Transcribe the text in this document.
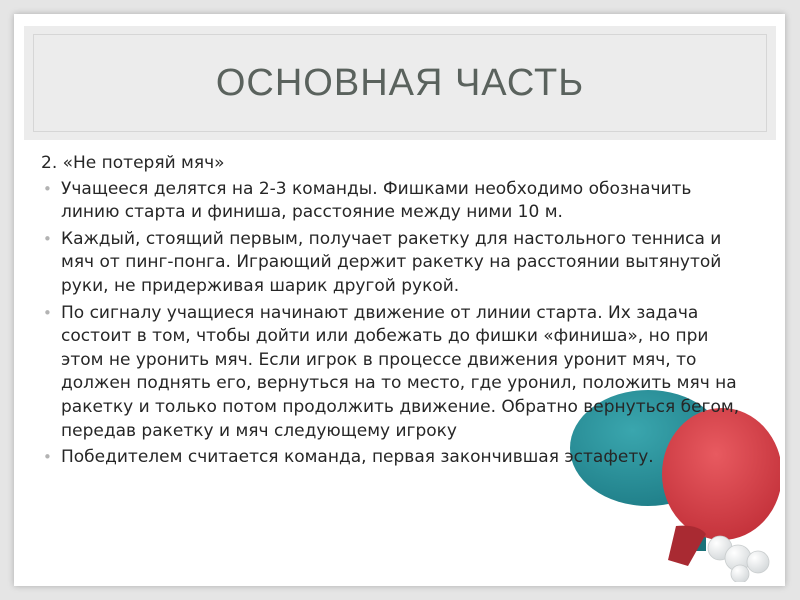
ОСНОВНАЯ ЧАСТЬ

2. «Не потеряй мяч»

• Учащееся делятся на 2-3 команды. Фишками необходимо обозначить линию старта и финиша, расстояние между ними 10 м.
• Каждый, стоящий первым, получает ракетку для настольного тенниса и мяч от пинг-понга. Играющий держит ракетку на расстоянии вытянутой руки, не придерживая шарик другой рукой.
• По сигналу учащиеся начинают движение от линии старта. Их задача состоит в том, чтобы дойти или добежать до фишки «финиша», но при этом не уронить мяч. Если игрок в процессе движения уронит мяч, то должен поднять его, вернуться на то место, где уронил, положить мяч на ракетку и только потом продолжить движение. Обратно вернуться бегом, передав ракетку и мяч следующему игроку
• Победителем считается команда, первая закончившая эстафету.
